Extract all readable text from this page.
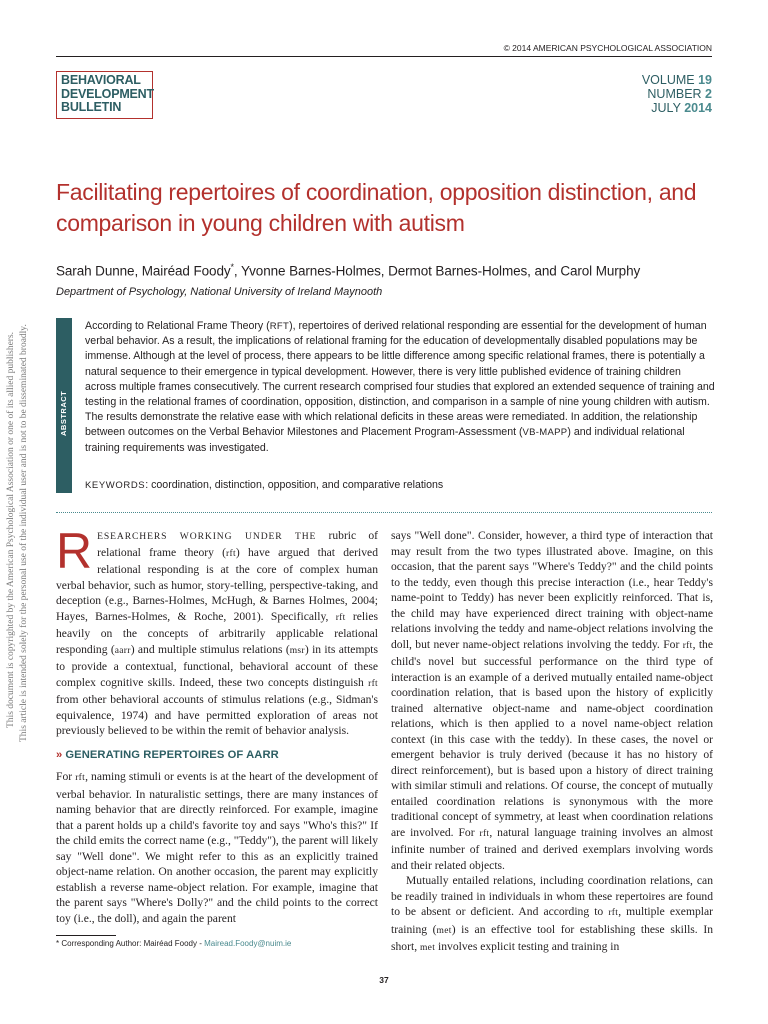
© 2014 AMERICAN PSYCHOLOGICAL ASSOCIATION
BEHAVIORAL
DEVELOPMENT
BULLETIN
VOLUME 19
NUMBER 2
JULY 2014
This document is copyrighted by the American Psychological Association or one of its allied publishers. This article is intended solely for the personal use of the individual user and is not to be disseminated broadly.
Facilitating repertoires of coordination, opposition distinction, and comparison in young children with autism
Sarah Dunne, Mairéad Foody*, Yvonne Barnes-Holmes, Dermot Barnes-Holmes, and Carol Murphy
Department of Psychology, National University of Ireland Maynooth
ABSTRACT
According to Relational Frame Theory (RFT), repertoires of derived relational responding are essential for the development of human verbal behavior. As a result, the implications of relational framing for the education of developmentally disabled populations may be immense. Although at the level of process, there appears to be little difference among specific relational frames, there is potentially a natural sequence to their emergence in typical development. However, there is very little published evidence of training children across multiple frames consecutively. The current research comprised four studies that explored an extended sequence of training and testing in the relational frames of coordination, opposition, distinction, and comparison in a sample of nine young children with autism. The results demonstrate the relative ease with which relational deficits in these areas were remediated. In addition, the relationship between outcomes on the Verbal Behavior Milestones and Placement Program-Assessment (VB-MAPP) and individual relational training requirements was investigated.
KEYWORDS: coordination, distinction, opposition, and comparative relations

RESEARCHERS WORKING UNDER THE rubric of relational frame theory (rft) have argued that derived relational responding is at the core of complex human verbal behavior, such as humor, story-telling, perspective-taking, and deception (e.g., Barnes-Holmes, McHugh, & Barnes Holmes, 2004; Hayes, Barnes-Holmes, & Roche, 2001). Specifically, rft relies heavily on the concepts of arbitrarily applicable relational responding (aarr) and multiple stimulus relations (msr) in its attempts to provide a contextual, functional, behavioral account of these complex cognitive skills. Indeed, these two concepts distinguish rft from other behavioral accounts of stimulus relations (e.g., Sidman's equivalence, 1974) and have permitted exploration of areas not previously believed to be within the remit of behavior analysis.

» GENERATING REPERTOIRES OF AARR

For rft, naming stimuli or events is at the heart of the development of verbal behavior. In naturalistic settings, there are many instances of naming behavior that are directly reinforced. For example, imagine that a parent holds up a child's favorite toy and says "Who's this?" If the child emits the correct name (e.g., "Teddy"), the parent will likely say "Well done". We might refer to this as an explicitly trained object-name relation. On another occasion, the parent may explicitly establish a reverse name-object relation. For example, imagine that the parent says "Where's Dolly?" and the child points to the correct toy (i.e., the doll), and again the parent

says "Well done". Consider, however, a third type of interaction that may result from the two types illustrated above. Imagine, on this occasion, that the parent says "Where's Teddy?" and the child points to the teddy, even though this precise interaction (i.e., hear Teddy's name-point to Teddy) has never been explicitly reinforced. That is, the child may have experienced direct training with object-name relations involving the teddy and name-object relations involving the doll, but never name-object relations involving the teddy. For rft, the child's novel but successful performance on the third type of interaction is an example of a derived mutually entailed name-object coordination relation, that is based upon the history of explicitly trained alternative object-name and name-object coordination relations, which is then applied to a novel name-object relation context (in this case with the teddy). In these cases, the novel or emergent behavior is truly derived (because it has no history of direct reinforcement), but is based upon a history of direct training with similar stimuli and relations. Of course, the concept of mutually entailed coordination relations is synonymous with the more traditional concept of symmetry, at least when coordination relations are involved. For rft, natural language training involves an almost infinite number of trained and derived exemplars involving words and their related objects.

Mutually entailed relations, including coordination relations, can be readily trained in individuals in whom these repertoires are found to be absent or deficient. And according to rft, multiple exemplar training (met) is an effective tool for establishing these skills. In short, met involves explicit testing and training in

* Corresponding Author: Mairéad Foody - Mairead.Foody@nuim.ie
37
